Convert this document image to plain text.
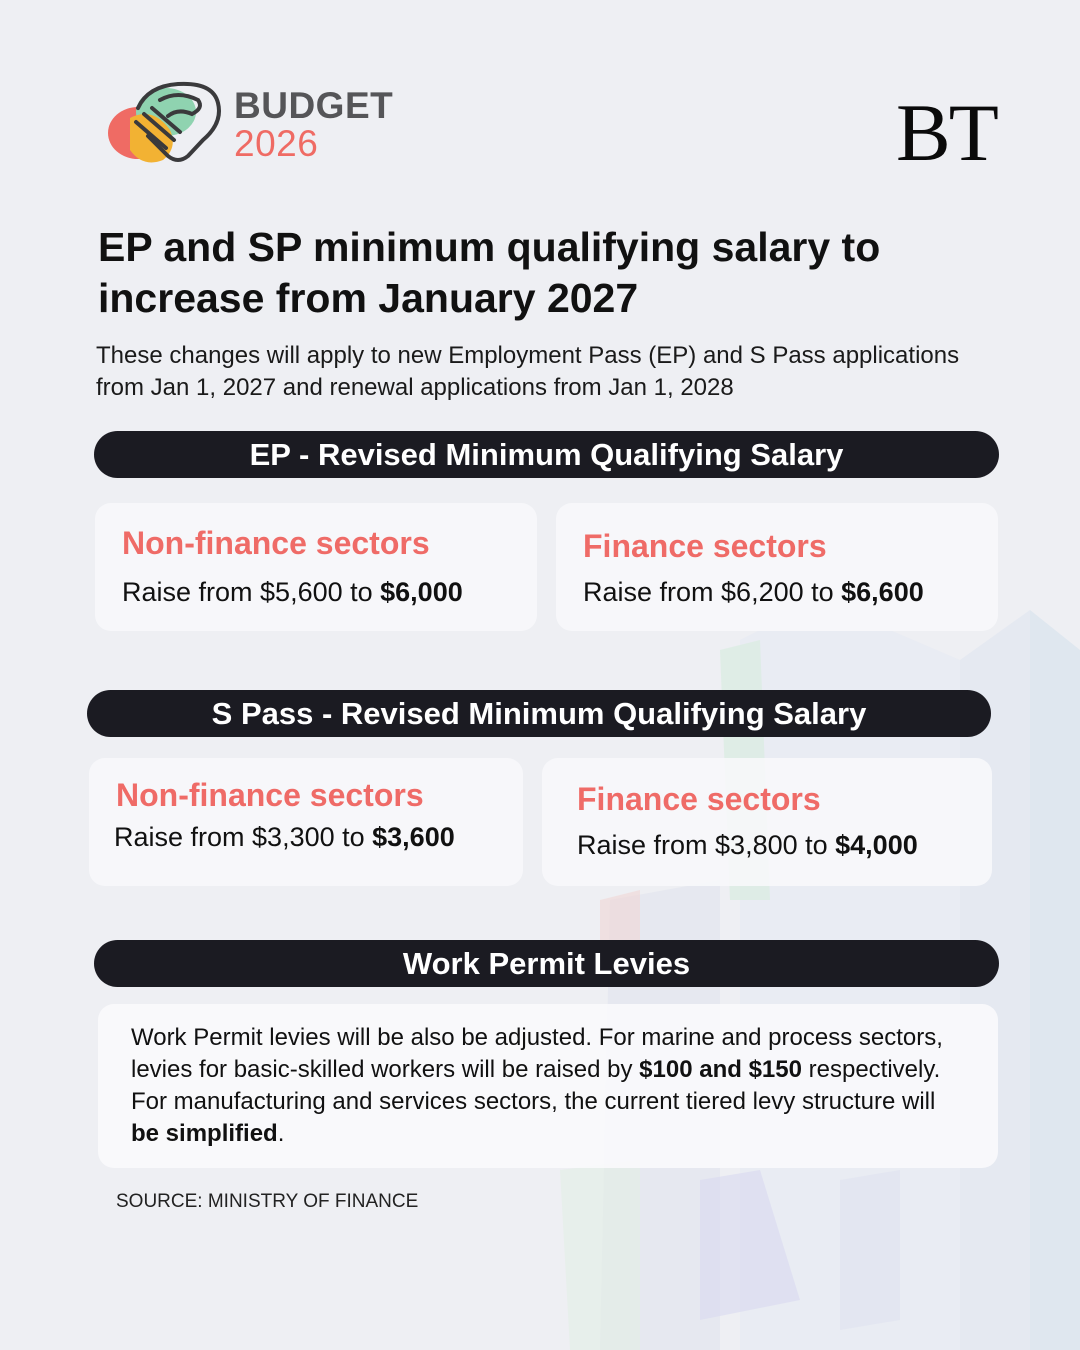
BUDGET
2026	BT
EP and SP minimum qualifying salary to increase from January 2027
These changes will apply to new Employment Pass (EP) and S Pass applications from Jan 1, 2027 and renewal applications from Jan 1, 2028
EP - Revised Minimum Qualifying Salary
Non-finance sectors
Raise from $5,600 to $6,000
Finance sectors
Raise from $6,200 to $6,600
S Pass - Revised Minimum Qualifying Salary
Non-finance sectors
Raise from $3,300 to $3,600
Finance sectors
Raise from $3,800 to $4,000
Work Permit Levies
Work Permit levies will be also be adjusted. For marine and process sectors, levies for basic-skilled workers will be raised by $100 and $150 respectively. For manufacturing and services sectors, the current tiered levy structure will be simplified.
SOURCE: MINISTRY OF FINANCE
